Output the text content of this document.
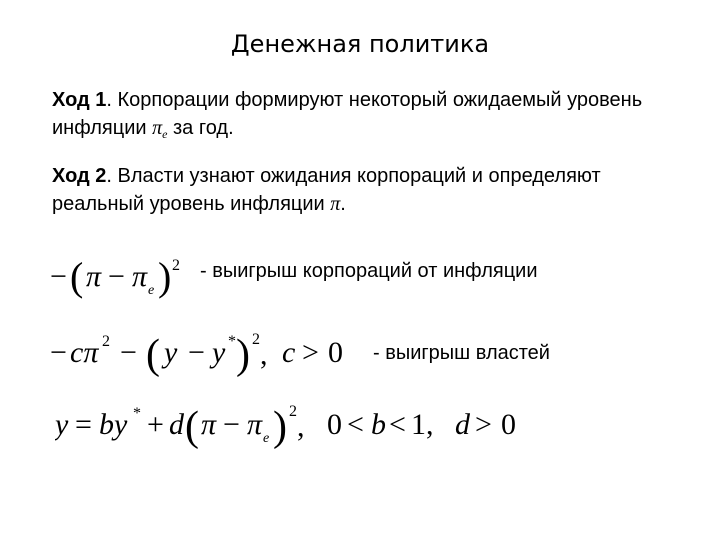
Денежная политика
Ход 1. Корпорации формируют некоторый ожидаемый уровень инфляции $\pi_e$ за год.
Ход 2. Власти узнают ожидания корпораций и определяют реальный уровень инфляции π.
− ( π − π e ) 2 - выигрыш корпораций от инфляции
− cπ 2 − ( y − y * ) 2 , c > 0 - выигрыш властей
y = by * + d ( π − π e ) 2 , 0 < b < 1, d > 0
